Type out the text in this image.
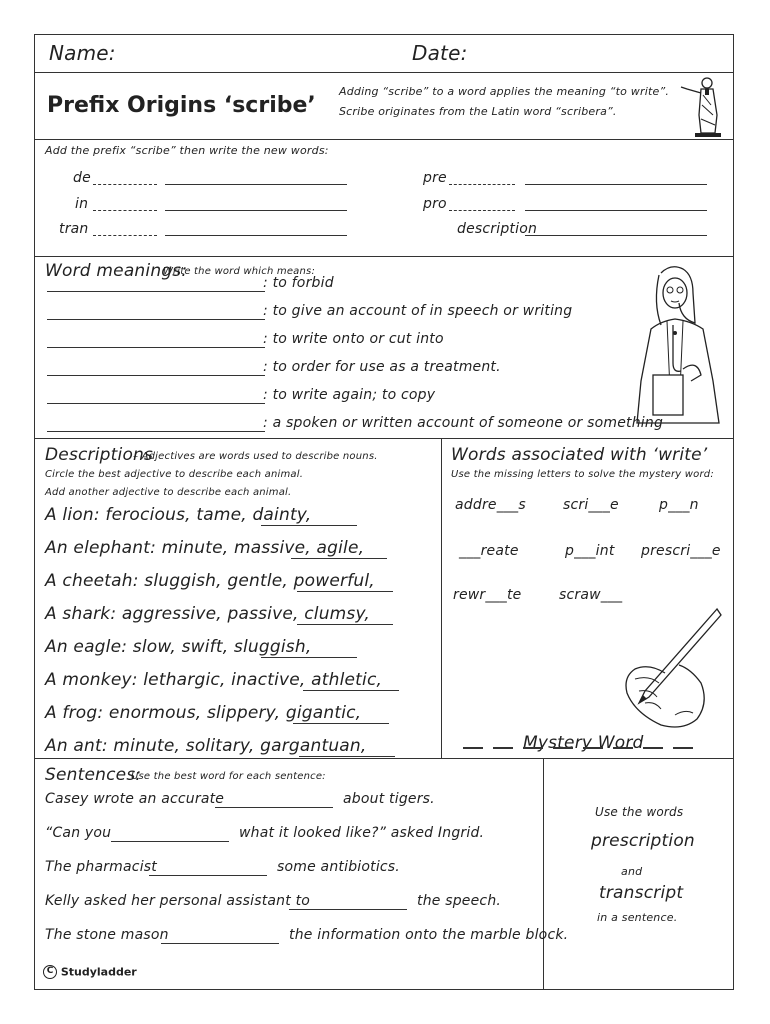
Name:	Date:
Prefix Origins ‘scribe’
Adding “scribe” to a word applies the meaning “to write”.
Scribe originates from the Latin word “scribera”.
Add the prefix “scribe” then write the new words:
de
in
tran
pre
pro
description
Word meanings:
Write the word which means:
: to forbid
: to give an account of in speech or writing
: to write onto or cut into
: to order for use as a treatment.
: to write again; to copy
: a spoken or written account of someone or something
Descriptions
– Adjectives are words used to describe nouns.
Circle the best adjective to describe each animal.
Add another adjective to describe each animal.
A lion: ferocious, tame, dainty,
An elephant: minute, massive, agile,
A cheetah: sluggish, gentle, powerful,
A shark: aggressive, passive, clumsy,
An eagle: slow, swift, sluggish,
A monkey: lethargic, inactive, athletic,
A frog: enormous, slippery, gigantic,
An ant: minute, solitary, gargantuan,
Words associated with ‘write’
Use the missing letters to solve the mystery word:
addre___s	scri___e	p___n
___reate	p___int prescri___e
rewr___te	scraw___
Mystery Word
Sentences:
Use the best word for each sentence:
Casey wrote an accurate	about tigers.
“Can you	what it looked like?” asked Ingrid.
The pharmacist	some antibiotics.
Kelly asked her personal assistant to	the speech.
The stone mason	the information onto the marble block.
Use the words
prescription
and
transcript
in a sentence.
C Studyladder
